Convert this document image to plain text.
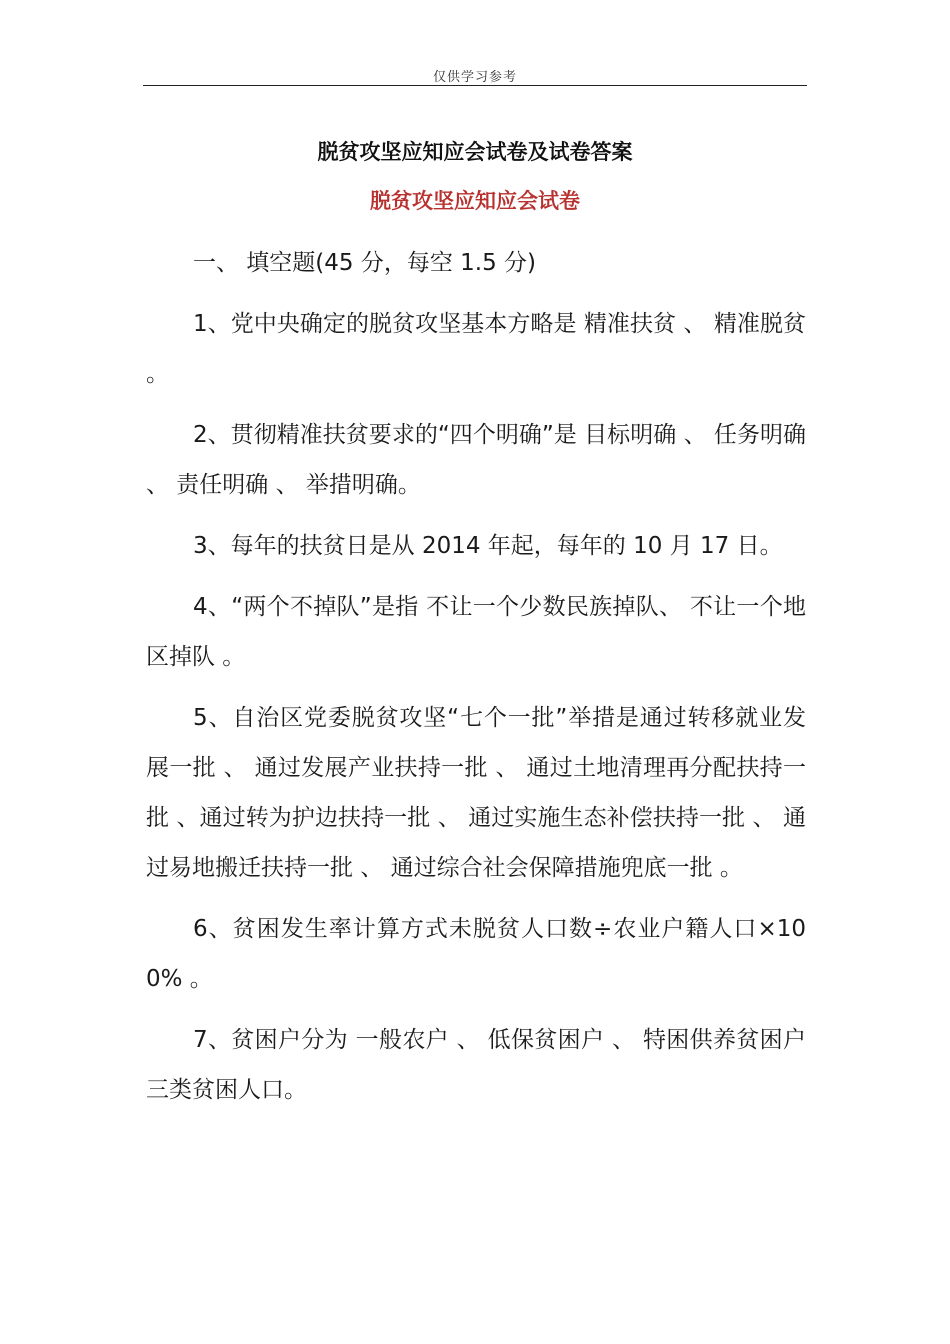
仅供学习参考
脱贫攻坚应知应会试卷及试卷答案
脱贫攻坚应知应会试卷

一、 填空题(45 分，每空 1.5 分)

1、党中央确定的脱贫攻坚基本方略是 精准扶贫 、 精准脱贫 。

2、贯彻精准扶贫要求的“四个明确”是 目标明确 、 任务明确 、 责任明确 、 举措明确。

3、每年的扶贫日是从 2014 年起，每年的 10 月 17 日。

4、“两个不掉队”是指 不让一个少数民族掉队、 不让一个地区掉队 。

5、自治区党委脱贫攻坚“七个一批”举措是通过转移就业发展一批 、 通过发展产业扶持一批 、 通过土地清理再分配扶持一批 、通过转为护边扶持一批 、 通过实施生态补偿扶持一批 、 通过易地搬迁扶持一批 、 通过综合社会保障措施兜底一批 。

6、贫困发生率计算方式未脱贫人口数÷农业户籍人口×100% 。

7、贫困户分为 一般农户 、 低保贫困户 、 特困供养贫困户 三类贫困人口。
